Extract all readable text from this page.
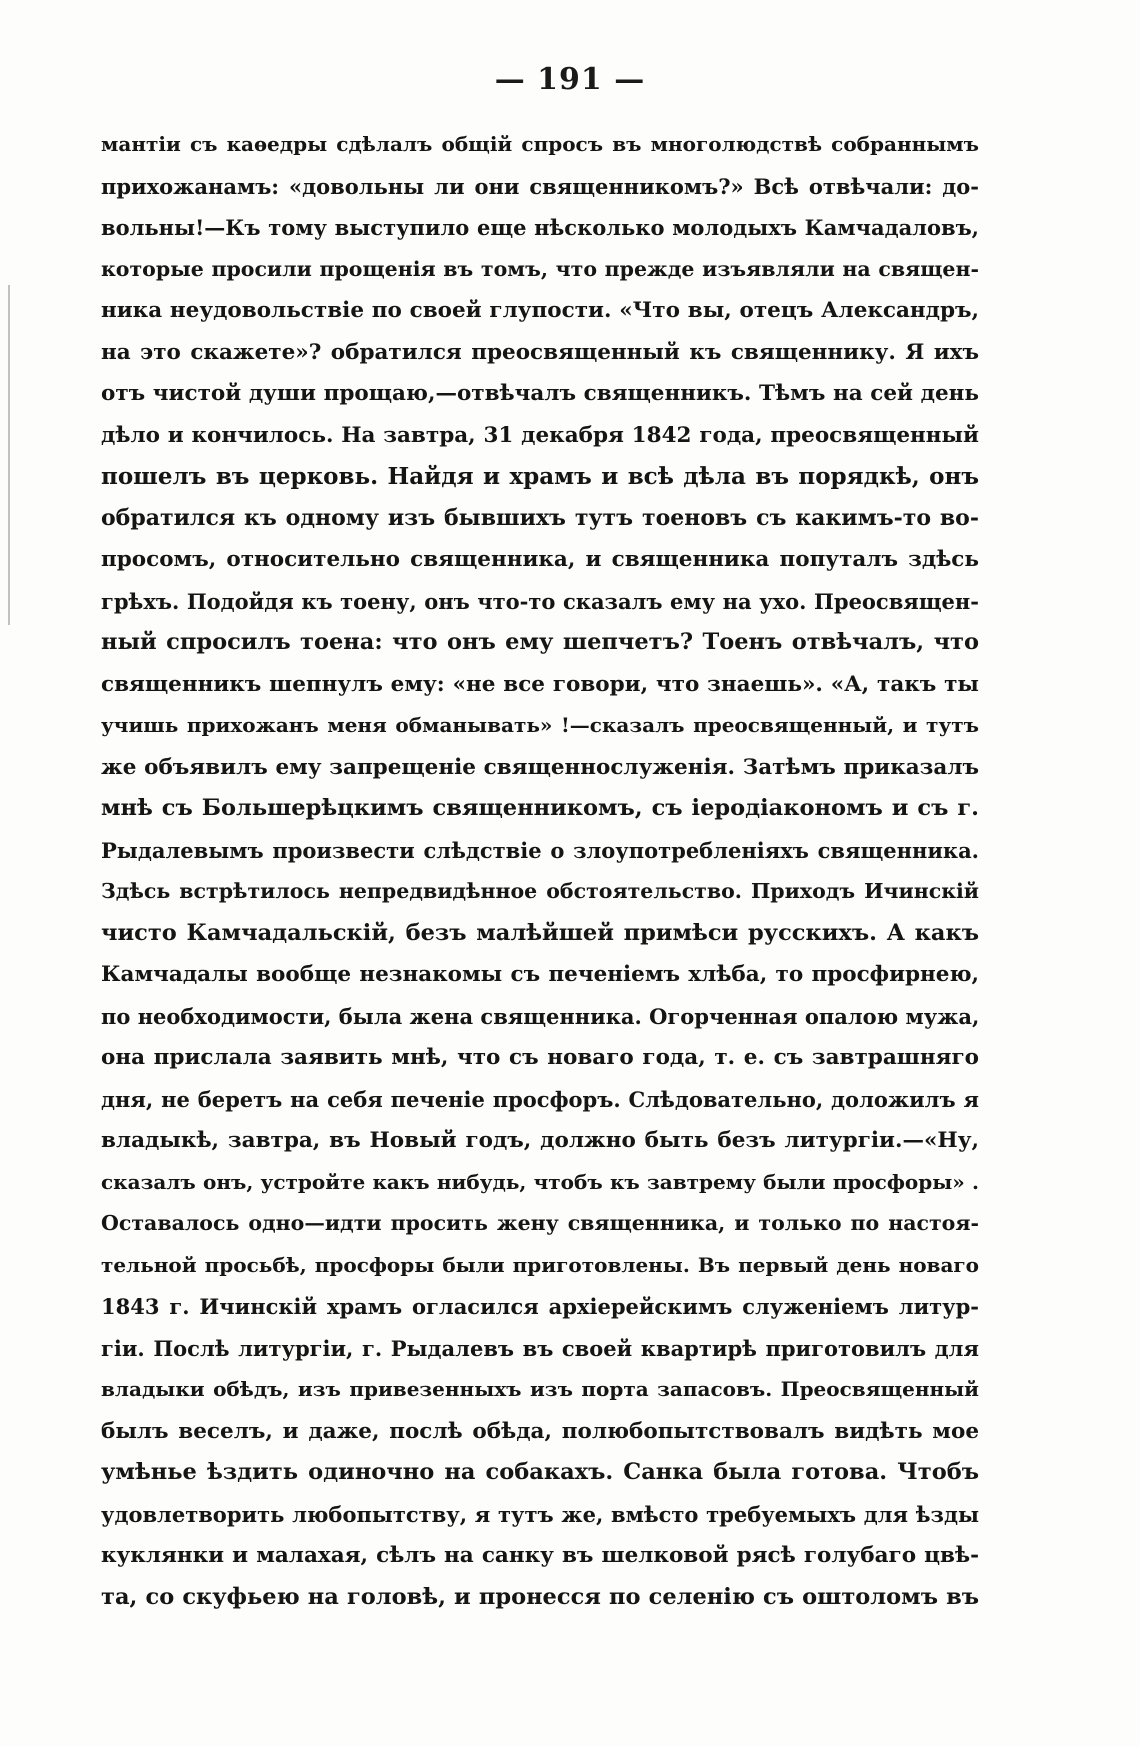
— 191 —
мантіи съ каѳедры сдѣлалъ общій спросъ въ многолюдствѣ собраннымъ
прихожанамъ: «довольны ли они священникомъ?» Всѣ отвѣчали: до-
вольны!—Къ тому выступило еще нѣсколько молодыхъ Камчадаловъ,
которые просили прощенія въ томъ, что прежде изъявляли на священ-
ника неудовольствіе по своей глупости. «Что вы, отецъ Александръ,
на это скажете»? обратился преосвященный къ священнику. Я ихъ
отъ чистой души прощаю,—отвѣчалъ священникъ. Тѣмъ на сей день
дѣло и кончилось. На завтра, 31 декабря 1842 года, преосвященный
пошелъ въ церковь. Найдя и храмъ и всѣ дѣла въ порядкѣ, онъ
обратился къ одному изъ бывшихъ тутъ тоеновъ съ какимъ-то во-
просомъ, относительно священника, и священника попуталъ здѣсь
грѣхъ. Подойдя къ тоену, онъ что-то сказалъ ему на ухо. Преосвящен-
ный спросилъ тоена: что онъ ему шепчетъ? Тоенъ отвѣчалъ, что
священникъ шепнулъ ему: «не все говори, что знаешь». «А, такъ ты
учишь прихожанъ меня обманывать» !—сказалъ преосвященный, и тутъ
же объявилъ ему запрещеніе священнослуженія. Затѣмъ приказалъ
мнѣ съ Большерѣцкимъ священникомъ, съ іеродіакономъ и съ г.
Рыдалевымъ произвести слѣдствіе о злоупотребленіяхъ священника.
Здѣсь встрѣтилось непредвидѣнное обстоятельство. Приходъ Ичинскій
чисто Камчадальскій, безъ малѣйшей примѣси русскихъ. А какъ
Камчадалы вообще незнакомы съ печеніемъ хлѣба, то просфирнею,
по необходимости, была жена священника. Огорченная опалою мужа,
она прислала заявить мнѣ, что съ новаго года, т. е. съ завтрашняго
дня, не беретъ на себя печеніе просфоръ. Слѣдовательно, доложилъ я
владыкѣ, завтра, въ Новый годъ, должно быть безъ литургіи.—«Ну,
сказалъ онъ, устройте какъ нибудь, чтобъ къ завтрему были просфоры» .
Оставалось одно—идти просить жену священника, и только по настоя-
тельной просьбѣ, просфоры были приготовлены. Въ первый день новаго
1843 г. Ичинскій храмъ огласился архіерейскимъ служеніемъ литур-
гіи. Послѣ литургіи, г. Рыдалевъ въ своей квартирѣ приготовилъ для
владыки обѣдъ, изъ привезенныхъ изъ порта запасовъ. Преосвященный
былъ веселъ, и даже, послѣ обѣда, полюбопытствовалъ видѣть мое
умѣнье ѣздить одиночно на собакахъ. Санка была готова. Чтобъ
удовлетворить любопытству, я тутъ же, вмѣсто требуемыхъ для ѣзды
куклянки и малахая, сѣлъ на санку въ шелковой рясѣ голубаго цвѣ-
та, со скуфьею на головѣ, и пронесся по селенію съ оштоломъ въ
